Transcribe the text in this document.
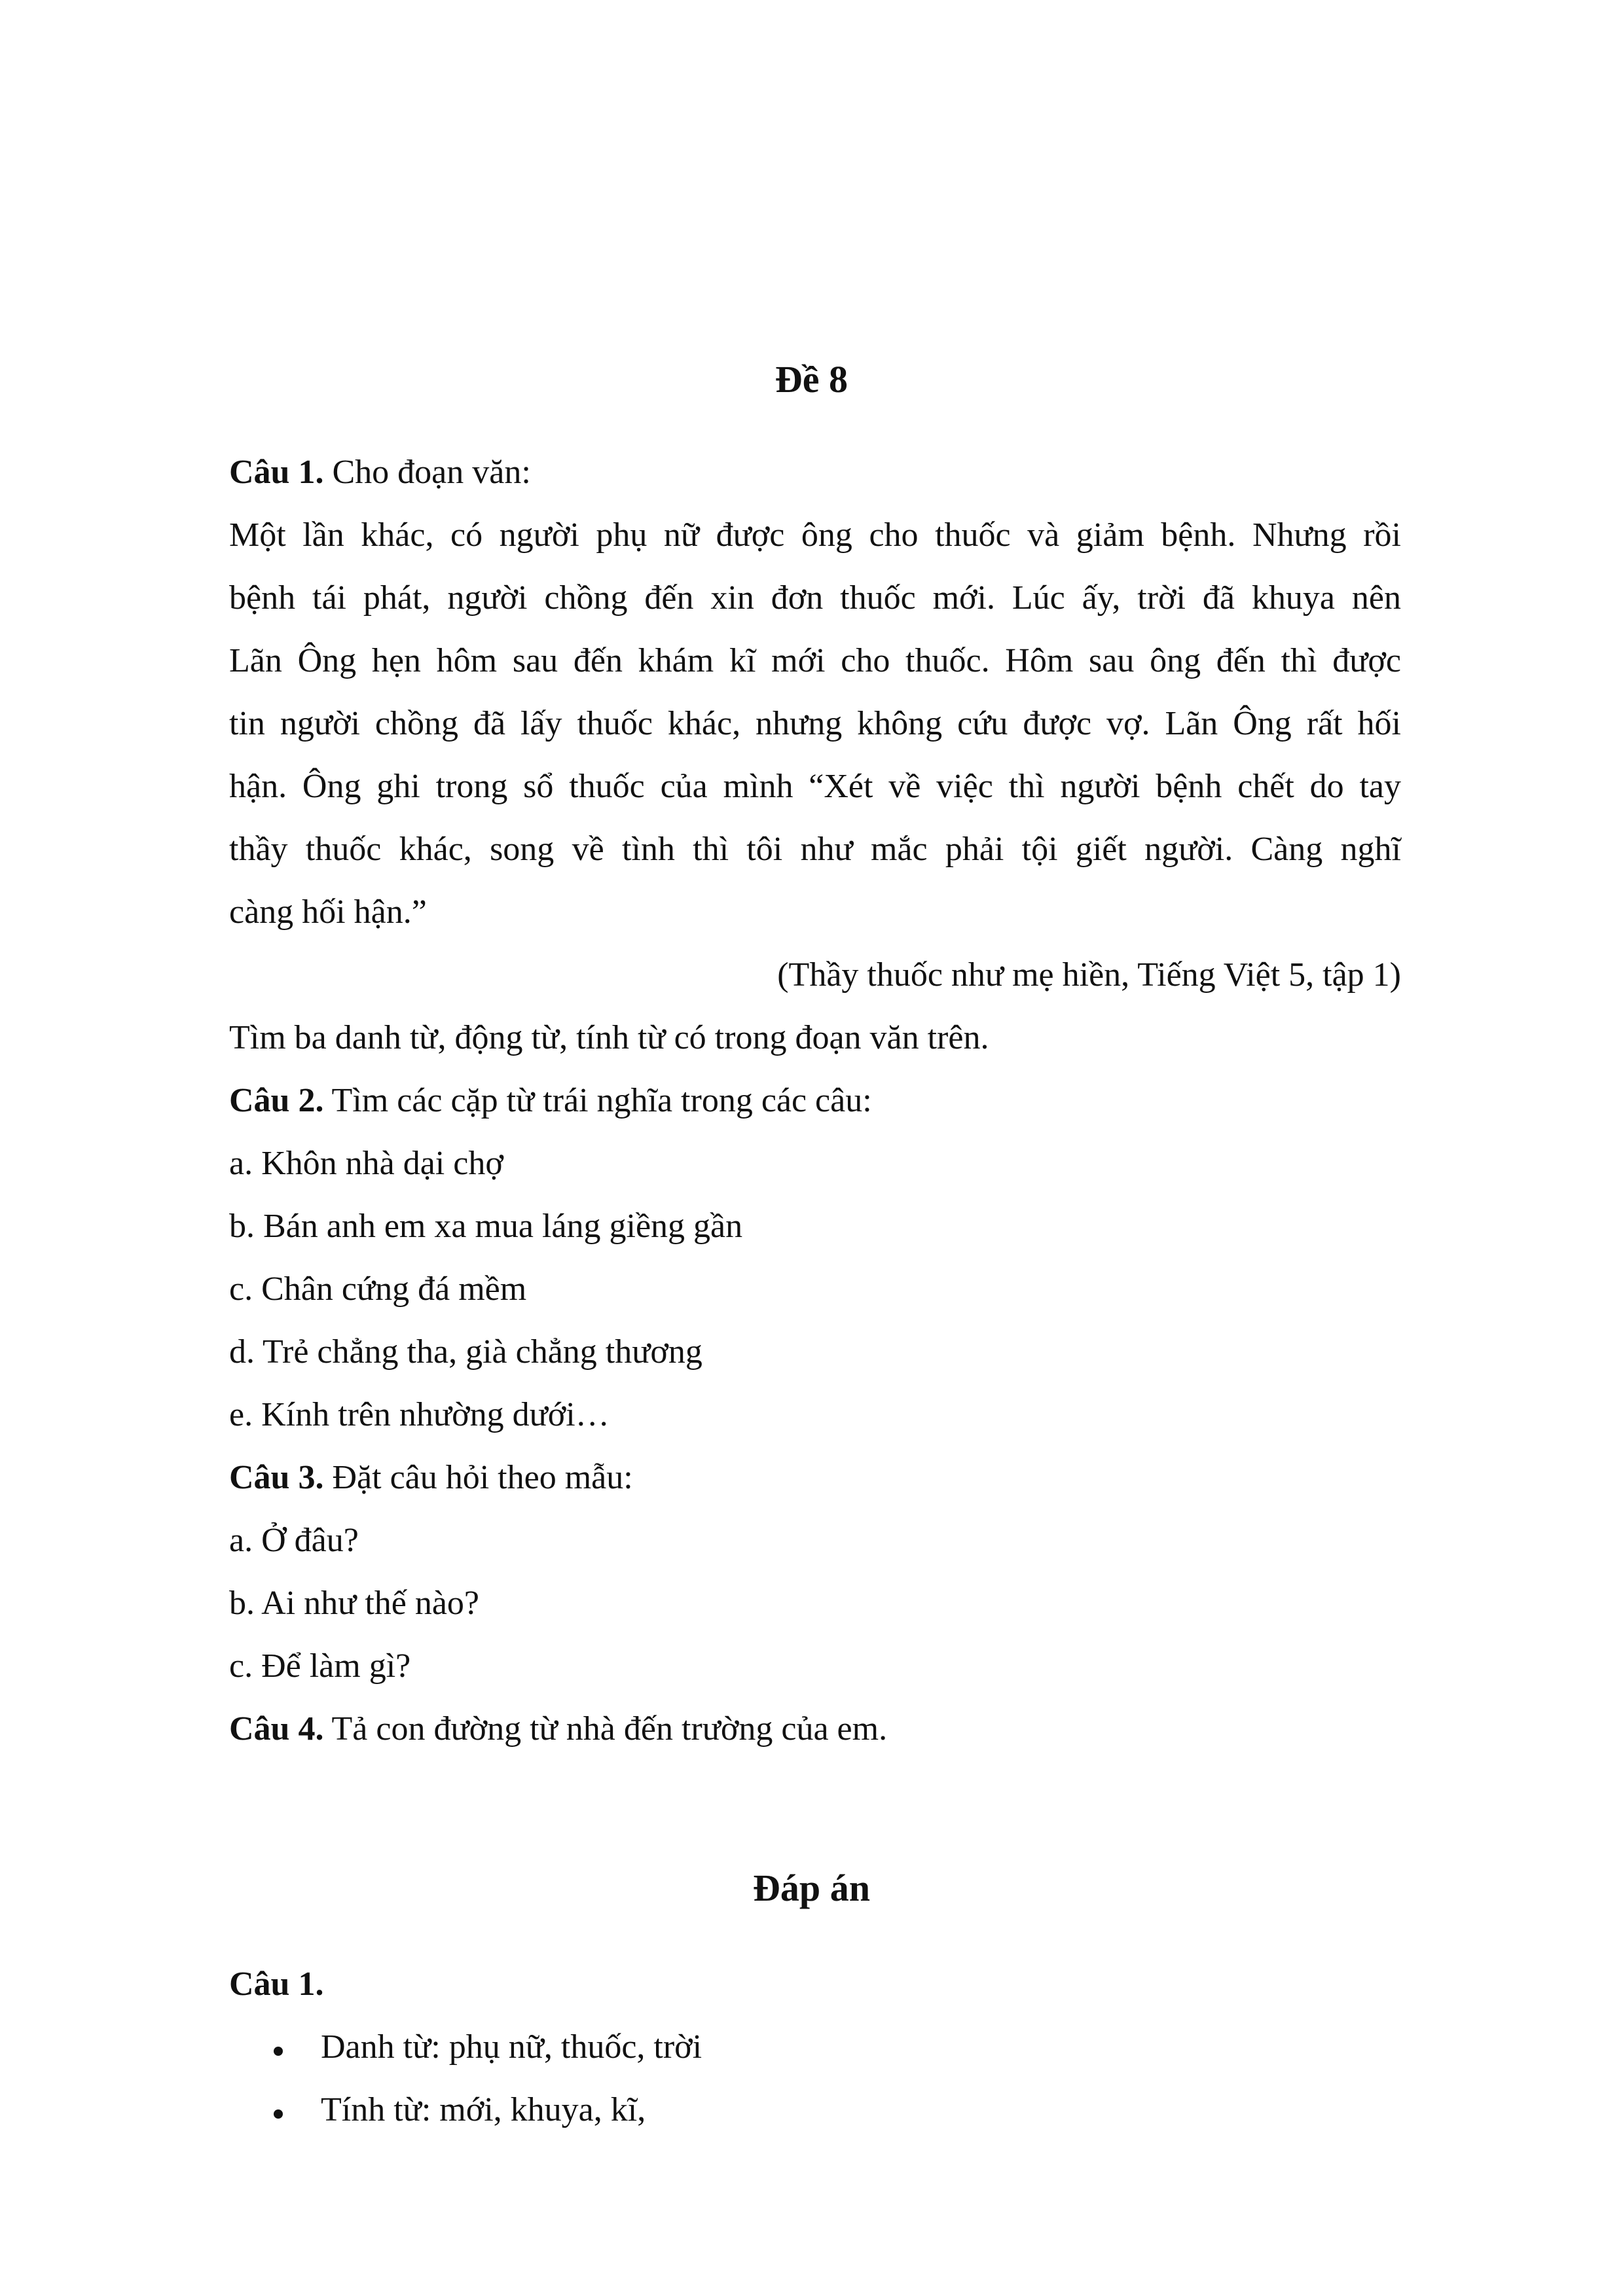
Đề 8

Câu 1. Cho đoạn văn:

Một lần khác, có người phụ nữ được ông cho thuốc và giảm bệnh. Nhưng rồi

bệnh tái phát, người chồng đến xin đơn thuốc mới. Lúc ấy, trời đã khuya nên

Lãn Ông hẹn hôm sau đến khám kĩ mới cho thuốc. Hôm sau ông đến thì được

tin người chồng đã lấy thuốc khác, nhưng không cứu được vợ. Lãn Ông rất hối

hận. Ông ghi trong sổ thuốc của mình “Xét về việc thì người bệnh chết do tay

thầy thuốc khác, song về tình thì tôi như mắc phải tội giết người. Càng nghĩ

càng hối hận.”

(Thầy thuốc như mẹ hiền, Tiếng Việt 5, tập 1)

Tìm ba danh từ, động từ, tính từ có trong đoạn văn trên.

Câu 2. Tìm các cặp từ trái nghĩa trong các câu:

a. Khôn nhà dại chợ

b. Bán anh em xa mua láng giềng gần

c. Chân cứng đá mềm

d. Trẻ chẳng tha, già chẳng thương

e. Kính trên nhường dưới…

Câu 3. Đặt câu hỏi theo mẫu:

a. Ở đâu?

b. Ai như thế nào?

c. Để làm gì?

Câu 4. Tả con đường từ nhà đến trường của em.

Đáp án

Câu 1.

Danh từ: phụ nữ, thuốc, trời

Tính từ: mới, khuya, kĩ,
